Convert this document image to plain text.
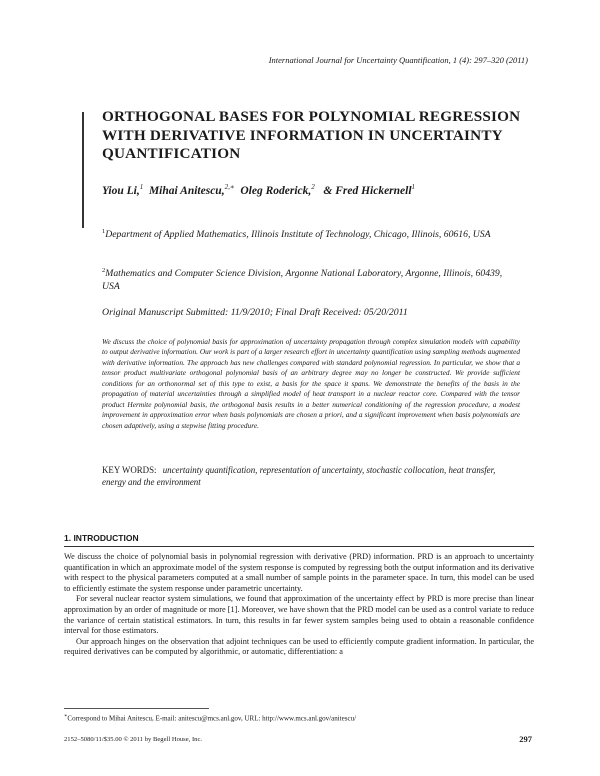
International Journal for Uncertainty Quantification, 1 (4): 297–320 (2011)
ORTHOGONAL BASES FOR POLYNOMIAL REGRESSION WITH DERIVATIVE INFORMATION IN UNCERTAINTY QUANTIFICATION
Yiou Li,$^1$ Mihai Anitescu,$^{2,∗}$ Oleg Roderick,$^2$ & Fred Hickernell$^1$
$^1$Department of Applied Mathematics, Illinois Institute of Technology, Chicago, Illinois, 60616, USA
$^2$Mathematics and Computer Science Division, Argonne National Laboratory, Argonne, Illinois, 60439, USA
Original Manuscript Submitted: 11/9/2010; Final Draft Received: 05/20/2011
We discuss the choice of polynomial basis for approximation of uncertainty propagation through complex simulation models with capability to output derivative information. Our work is part of a larger research effort in uncertainty quantification using sampling methods augmented with derivative information. The approach has new challenges compared with standard polynomial regression. In particular, we show that a tensor product multivariate orthogonal polynomial basis of an arbitrary degree may no longer be constructed. We provide sufficient conditions for an orthonormal set of this type to exist, a basis for the space it spans. We demonstrate the benefits of the basis in the propagation of material uncertainties through a simplified model of heat transport in a nuclear reactor core. Compared with the tensor product Hermite polynomial basis, the orthogonal basis results in a better numerical conditioning of the regression procedure, a modest improvement in approximation error when basis polynomials are chosen a priori, and a significant improvement when basis polynomials are chosen adaptively, using a stepwise fitting procedure.
KEY WORDS: uncertainty quantification, representation of uncertainty, stochastic collocation, heat transfer, energy and the environment
1. INTRODUCTION

We discuss the choice of polynomial basis in polynomial regression with derivative (PRD) information. PRD is an approach to uncertainty quantification in which an approximate model of the system response is computed by regressing both the output information and its derivative with respect to the physical parameters computed at a small number of sample points in the parameter space. In turn, this model can be used to efficiently estimate the system response under parametric uncertainty.

For several nuclear reactor system simulations, we found that approximation of the uncertainty effect by PRD is more precise than linear approximation by an order of magnitude or more [1]. Moreover, we have shown that the PRD model can be used as a control variate to reduce the variance of certain statistical estimators. In turn, this results in far fewer system samples being used to obtain a reasonable confidence interval for those estimators.

Our approach hinges on the observation that adjoint techniques can be used to efficiently compute gradient information. In particular, the required derivatives can be computed by algorithmic, or automatic, differentiation: a

∗Correspond to Mihai Anitescu, E-mail: anitescu@mcs.anl.gov, URL: http://www.mcs.anl.gov/anitescu/
2152–5080/11/$35.00 © 2011 by Begell House, Inc.	297
